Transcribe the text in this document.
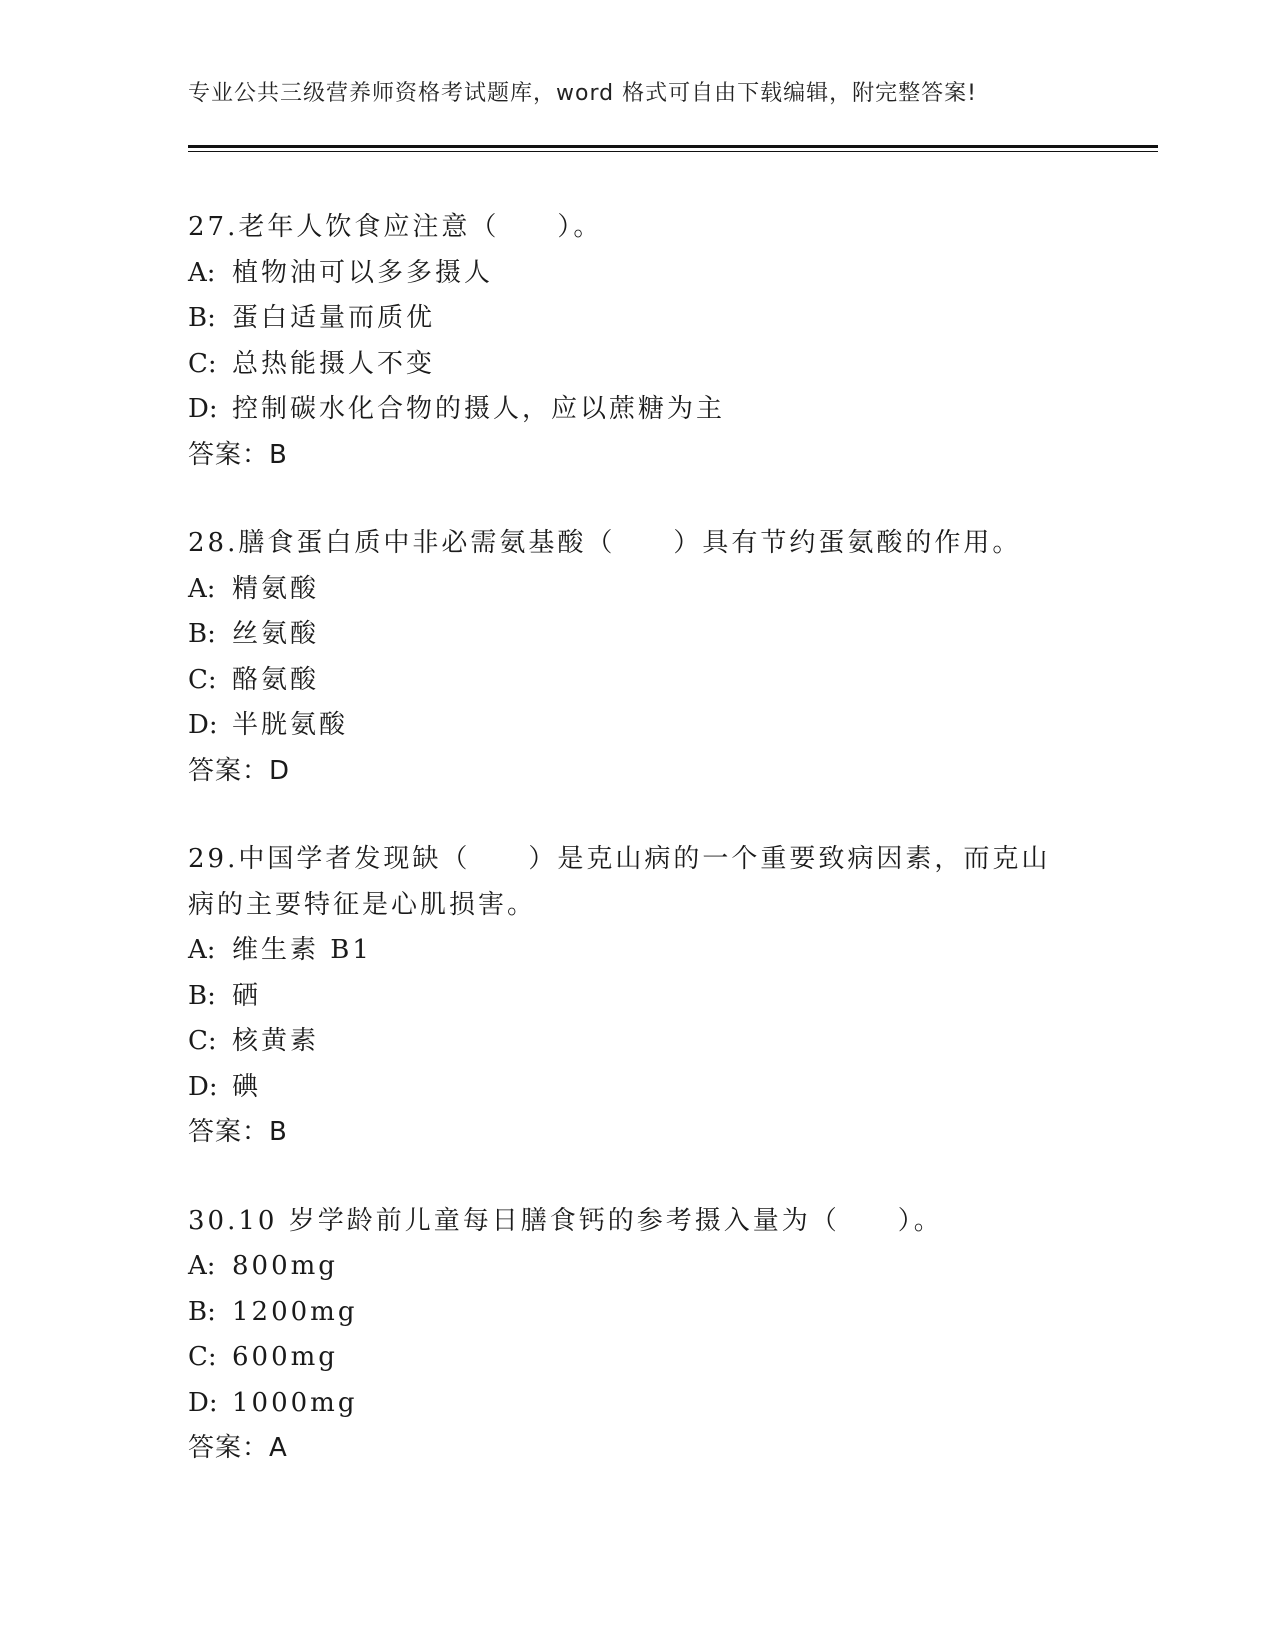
专业公共三级营养师资格考试题库，word 格式可自由下载编辑，附完整答案!
27.老年人饮食应注意（　　）。
A: 植物油可以多多摄人
B: 蛋白适量而质优
C: 总热能摄人不变
D: 控制碳水化合物的摄人，应以蔗糖为主
答案：B
28.膳食蛋白质中非必需氨基酸（　　）具有节约蛋氨酸的作用。
A: 精氨酸
B: 丝氨酸
C: 酪氨酸
D: 半胱氨酸
答案：D
29.中国学者发现缺（　　）是克山病的一个重要致病因素，而克山病的主要特征是心肌损害。
A: 维生素 B1
B: 硒
C: 核黄素
D: 碘
答案：B
30.10 岁学龄前儿童每日膳食钙的参考摄入量为（　　）。
A: 800mg
B: 1200mg
C: 600mg
D: 1000mg
答案：A
